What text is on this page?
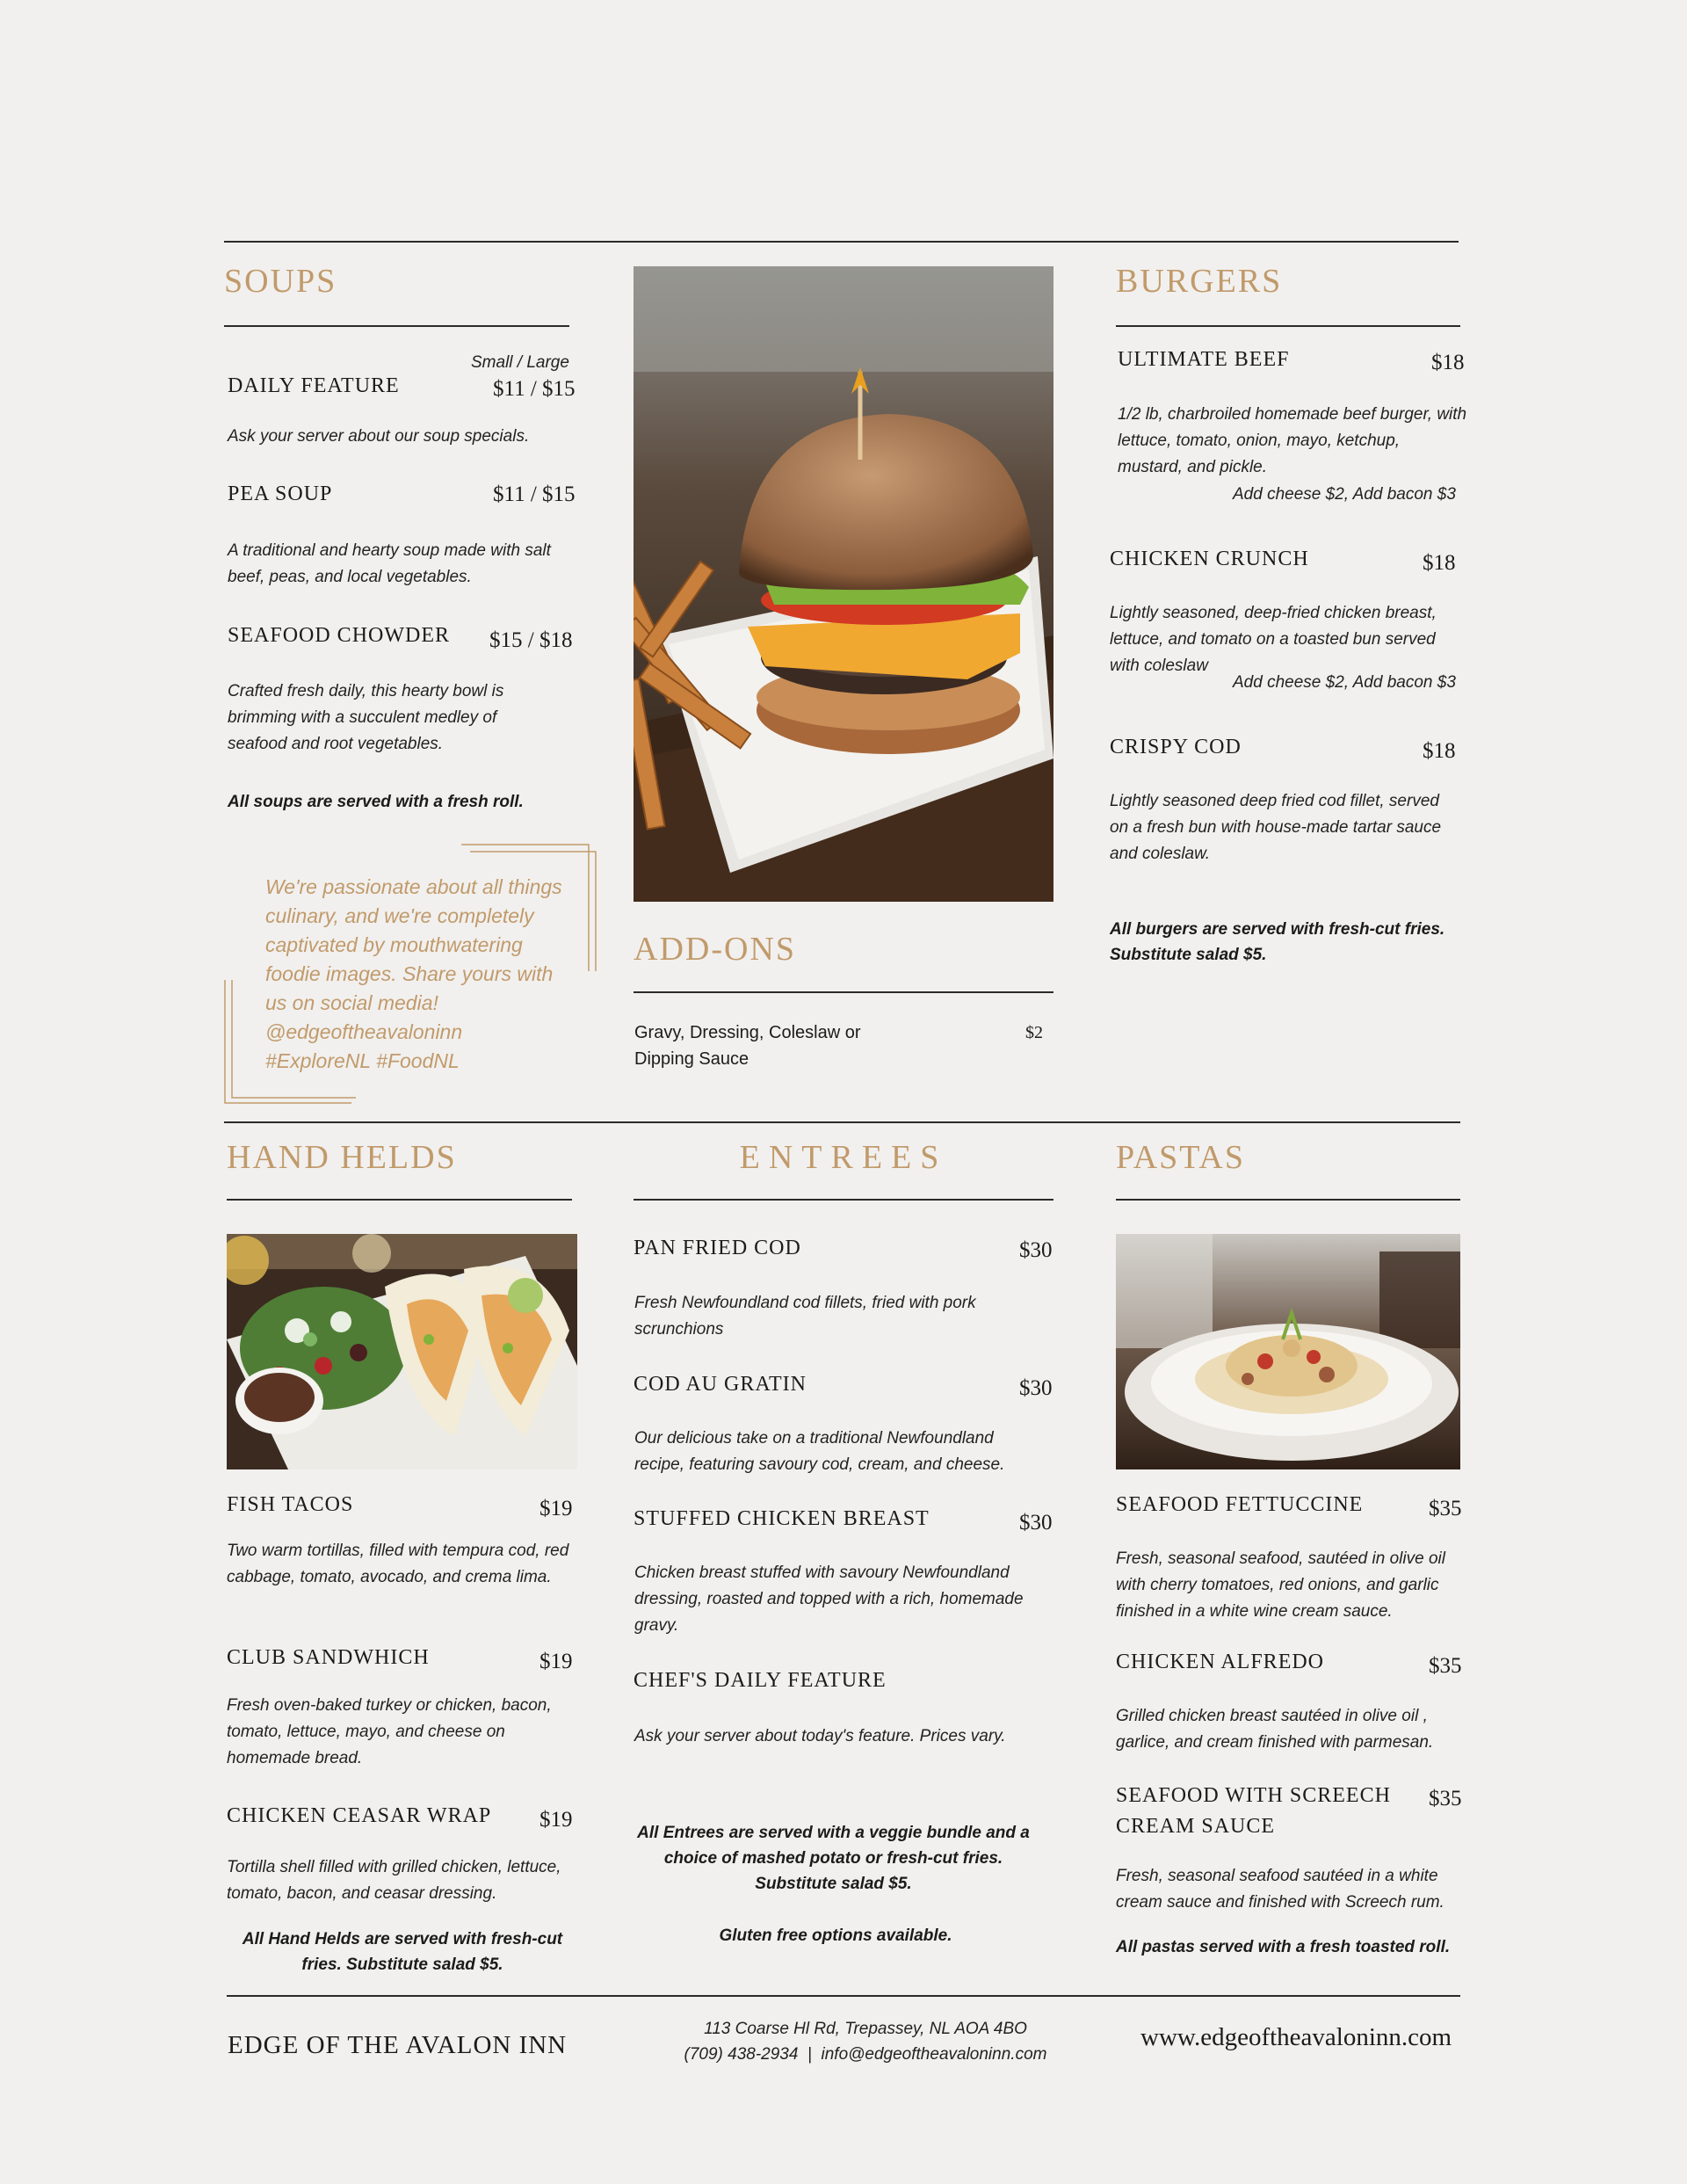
SOUPS
Small / Large
DAILY FEATURE	$11 / $15
Ask your server about our soup specials.
PEA SOUP	$11 / $15
A traditional and hearty soup made with salt beef, peas, and local vegetables.
SEAFOOD CHOWDER $15 / $18
Crafted fresh daily, this hearty bowl is brimming with a succulent medley of seafood and root vegetables.
All soups are served with a fresh roll.
We're passionate about all things culinary, and we're completely captivated by mouthwatering foodie images. Share yours with us on social media!
@edgeoftheavaloninn
#ExploreNL #FoodNL
ADD-ONS
Gravy, Dressing, Coleslaw or Dipping Sauce
$2
BURGERS
ULTIMATE BEEF	$18
1/2 lb, charbroiled homemade beef burger, with lettuce, tomato, onion, mayo, ketchup, mustard, and pickle.
Add cheese $2, Add bacon $3
CHICKEN CRUNCH	$18
Lightly seasoned, deep-fried chicken breast, lettuce, and tomato on a toasted bun served with coleslaw
Add cheese $2, Add bacon $3
CRISPY COD	$18
Lightly seasoned deep fried cod fillet, served on a fresh bun with house-made tartar sauce and coleslaw.
All burgers are served with fresh-cut fries. Substitute salad $5.
HAND HELDS
FISH TACOS	$19
Two warm tortillas, filled with tempura cod, red cabbage, tomato, avocado, and crema lima.
CLUB SANDWHICH	$19
Fresh oven-baked turkey or chicken, bacon, tomato, lettuce, mayo, and cheese on homemade bread.
CHICKEN CEASAR WRAP $19
Tortilla shell filled with grilled chicken, lettuce, tomato, bacon, and ceasar dressing.
All Hand Helds are served with fresh-cut fries. Substitute salad $5.
ENTREES
PAN FRIED COD	$30
Fresh Newfoundland cod fillets, fried with pork scrunchions
COD AU GRATIN	$30
Our delicious take on a traditional Newfoundland recipe, featuring savoury cod, cream, and cheese.
STUFFED CHICKEN BREAST	$30
Chicken breast stuffed with savoury Newfoundland dressing, roasted and topped with a rich, homemade gravy.
CHEF'S DAILY FEATURE
Ask your server about today's feature. Prices vary.
All Entrees are served with a veggie bundle and a choice of mashed potato or fresh-cut fries. Substitute salad $5.
Gluten free options available.
PASTAS
SEAFOOD FETTUCCINE	$35
Fresh, seasonal seafood, sautéed in olive oil with cherry tomatoes, red onions, and garlic finished in a white wine cream sauce.
CHICKEN ALFREDO	$35
Grilled chicken breast sautéed in olive oil , garlice, and cream finished with parmesan.
SEAFOOD WITH SCREECH CREAM SAUCE
$35
Fresh, seasonal seafood sautéed in a white cream sauce and finished with Screech rum.
All pastas served with a fresh toasted roll.
EDGE OF THE AVALON INN
113 Coarse Hl Rd, Trepassey, NL AOA 4BO
(709) 438-2934  |  info@edgeoftheavaloninn.com
www.edgeoftheavaloninn.com
